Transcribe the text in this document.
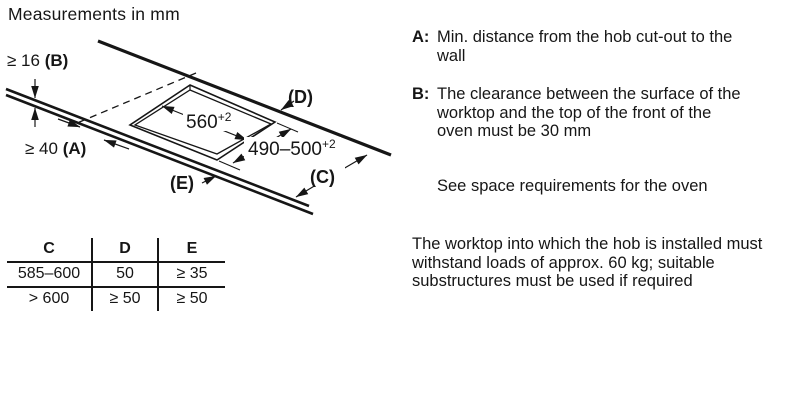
Measurements in mm
≥ 16 (B)
≥ 40 (A)
$560^{+2}$
$490-500^{+2}$
(D)
(C)
(E)
C	D	E
585–600	50	≥ 35
> 600	≥ 50	≥ 50
A: Min. distance from the hob cut-out to the wall
B: The clearance between the surface of the worktop and the top of the front of the oven must be 30 mm
See space requirements for the oven
The worktop into which the hob is installed must withstand loads of approx. 60 kg; suitable substructures must be used if required
